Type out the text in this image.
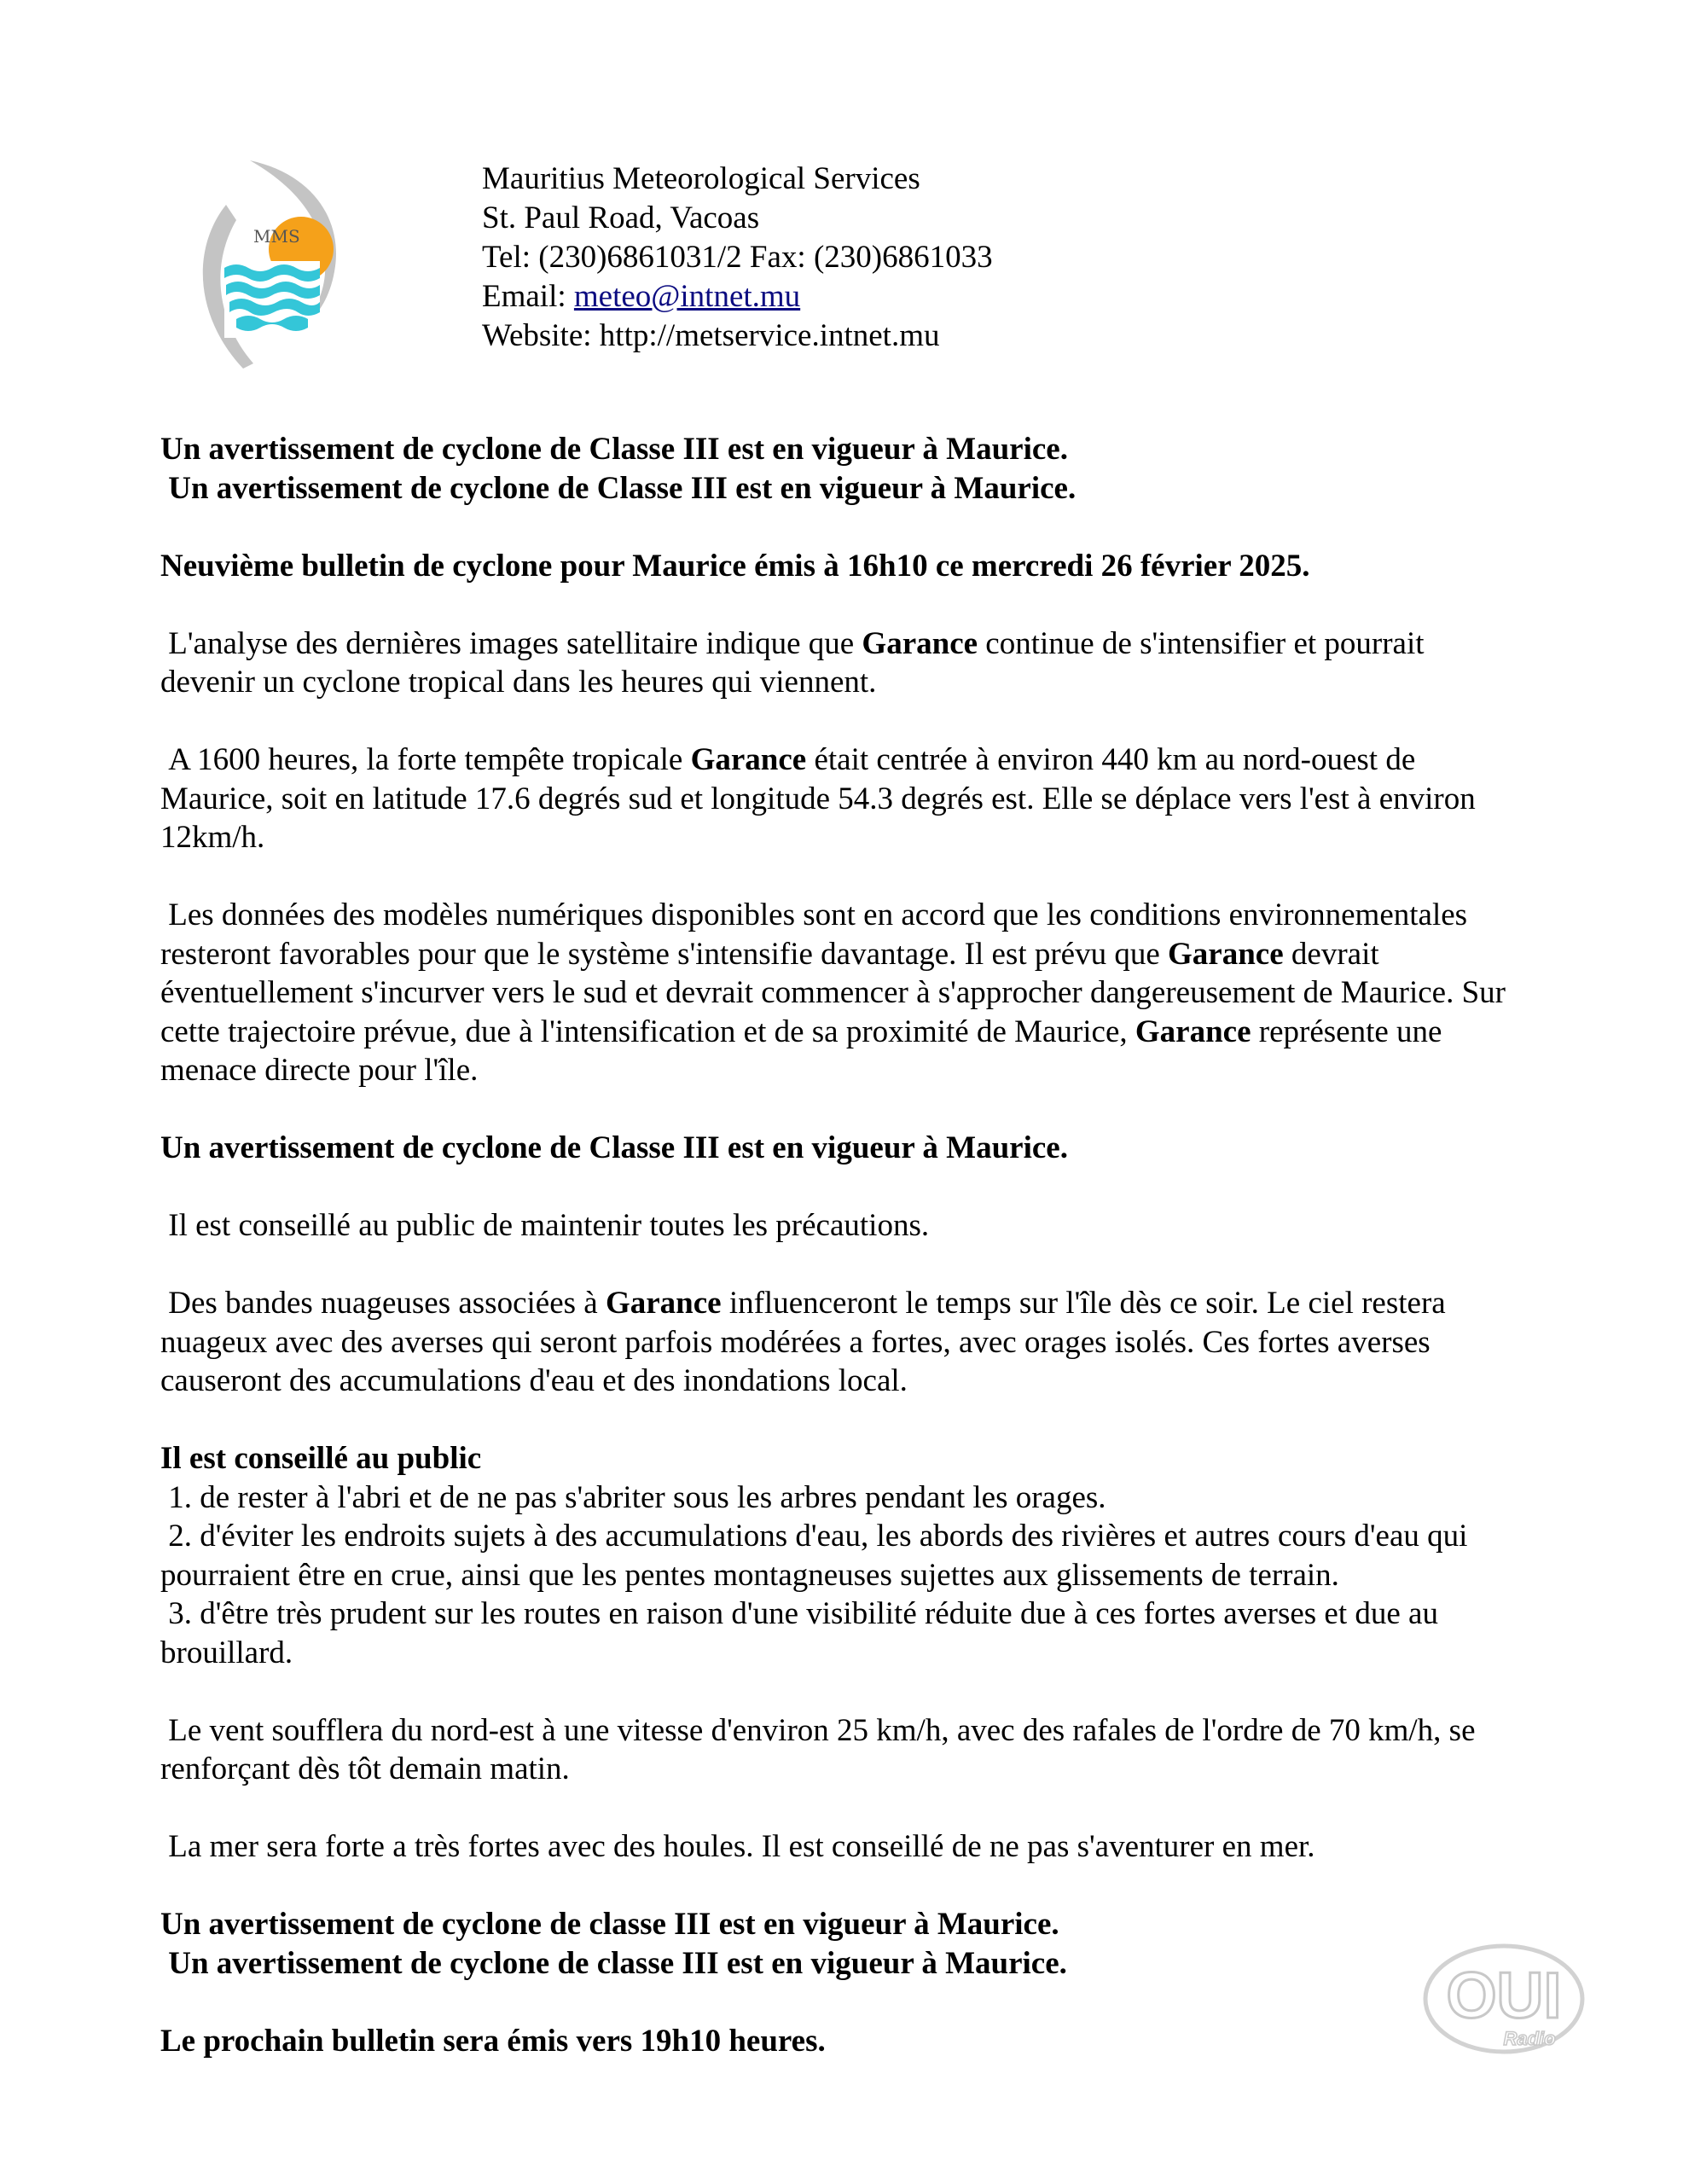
MMS
Mauritius Meteorological Services
St. Paul Road, Vacoas
Tel: (230)6861031/2 Fax: (230)6861033
Email: meteo@intnet.mu
Website: http://metservice.intnet.mu

Un avertissement de cyclone de Classe III est en vigueur à Maurice.

Un avertissement de cyclone de Classe III est en vigueur à Maurice.

Neuvième bulletin de cyclone pour Maurice émis à 16h10 ce mercredi 26 février 2025.

L'analyse des dernières images satellitaire indique que Garance continue de s'intensifier et pourrait devenir un cyclone tropical dans les heures qui viennent.

A 1600 heures, la forte tempête tropicale Garance était centrée à environ 440 km au nord-ouest de Maurice, soit en latitude 17.6 degrés sud et longitude 54.3 degrés est. Elle se déplace vers l'est à environ 12km/h.

Les données des modèles numériques disponibles sont en accord que les conditions environnementales resteront favorables pour que le système s'intensifie davantage. Il est prévu que Garance devrait éventuellement s'incurver vers le sud et devrait commencer à s'approcher dangereusement de Maurice. Sur cette trajectoire prévue, due à l'intensification et de sa proximité de Maurice, Garance représente une menace directe pour l'île.

Un avertissement de cyclone de Classe III est en vigueur à Maurice.

Il est conseillé au public de maintenir toutes les précautions.

Des bandes nuageuses associées à Garance influenceront le temps sur l'île dès ce soir. Le ciel restera nuageux avec des averses qui seront parfois modérées a fortes, avec orages isolés. Ces fortes averses causeront des accumulations d'eau et des inondations local.

Il est conseillé au public

1. de rester à l'abri et de ne pas s'abriter sous les arbres pendant les orages.

2. d'éviter les endroits sujets à des accumulations d'eau, les abords des rivières et autres cours d'eau qui pourraient être en crue, ainsi que les pentes montagneuses sujettes aux glissements de terrain.

3. d'être très prudent sur les routes en raison d'une visibilité réduite due à ces fortes averses et due au brouillard.

Le vent soufflera du nord-est à une vitesse d'environ 25 km/h, avec des rafales de l'ordre de 70 km/h, se renforçant dès tôt demain matin.

La mer sera forte a très fortes avec des houles. Il est conseillé de ne pas s'aventurer en mer.

Un avertissement de cyclone de classe III est en vigueur à Maurice.

Un avertissement de cyclone de classe III est en vigueur à Maurice.

Le prochain bulletin sera émis vers 19h10 heures.

OUI
Radio
